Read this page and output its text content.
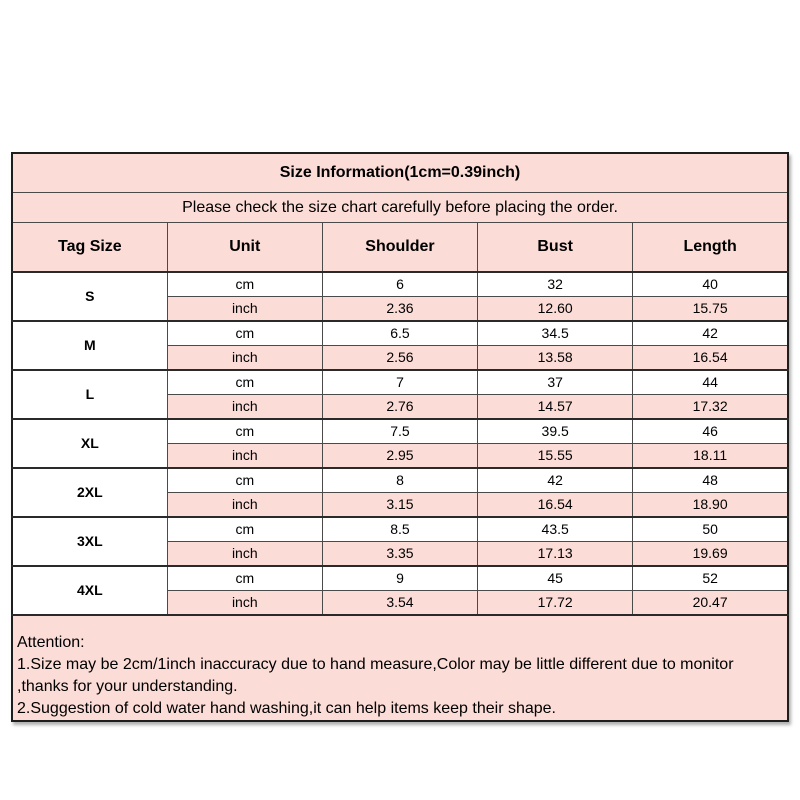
Size Information(1cm=0.39inch)				
Please check the size chart carefully before placing the order.				
Tag Size	Unit	Shoulder	Bust	Length
S	cm	6	32	40
	inch	2.36	12.60	15.75
M	cm	6.5	34.5	42
	inch	2.56	13.58	16.54
L	cm	7	37	44
	inch	2.76	14.57	17.32
XL	cm	7.5	39.5	46
	inch	2.95	15.55	18.11
2XL	cm	8	42	48
	inch	3.15	16.54	18.90
3XL	cm	8.5	43.5	50
	inch	3.35	17.13	19.69
4XL	cm	9	45	52
	inch	3.54	17.72	20.47

Attention:
1.Size may be 2cm/1inch inaccuracy due to hand measure,Color may be little different due to monitor
,thanks for your understanding.
2.Suggestion of cold water hand washing,it can help items keep their shape.				
